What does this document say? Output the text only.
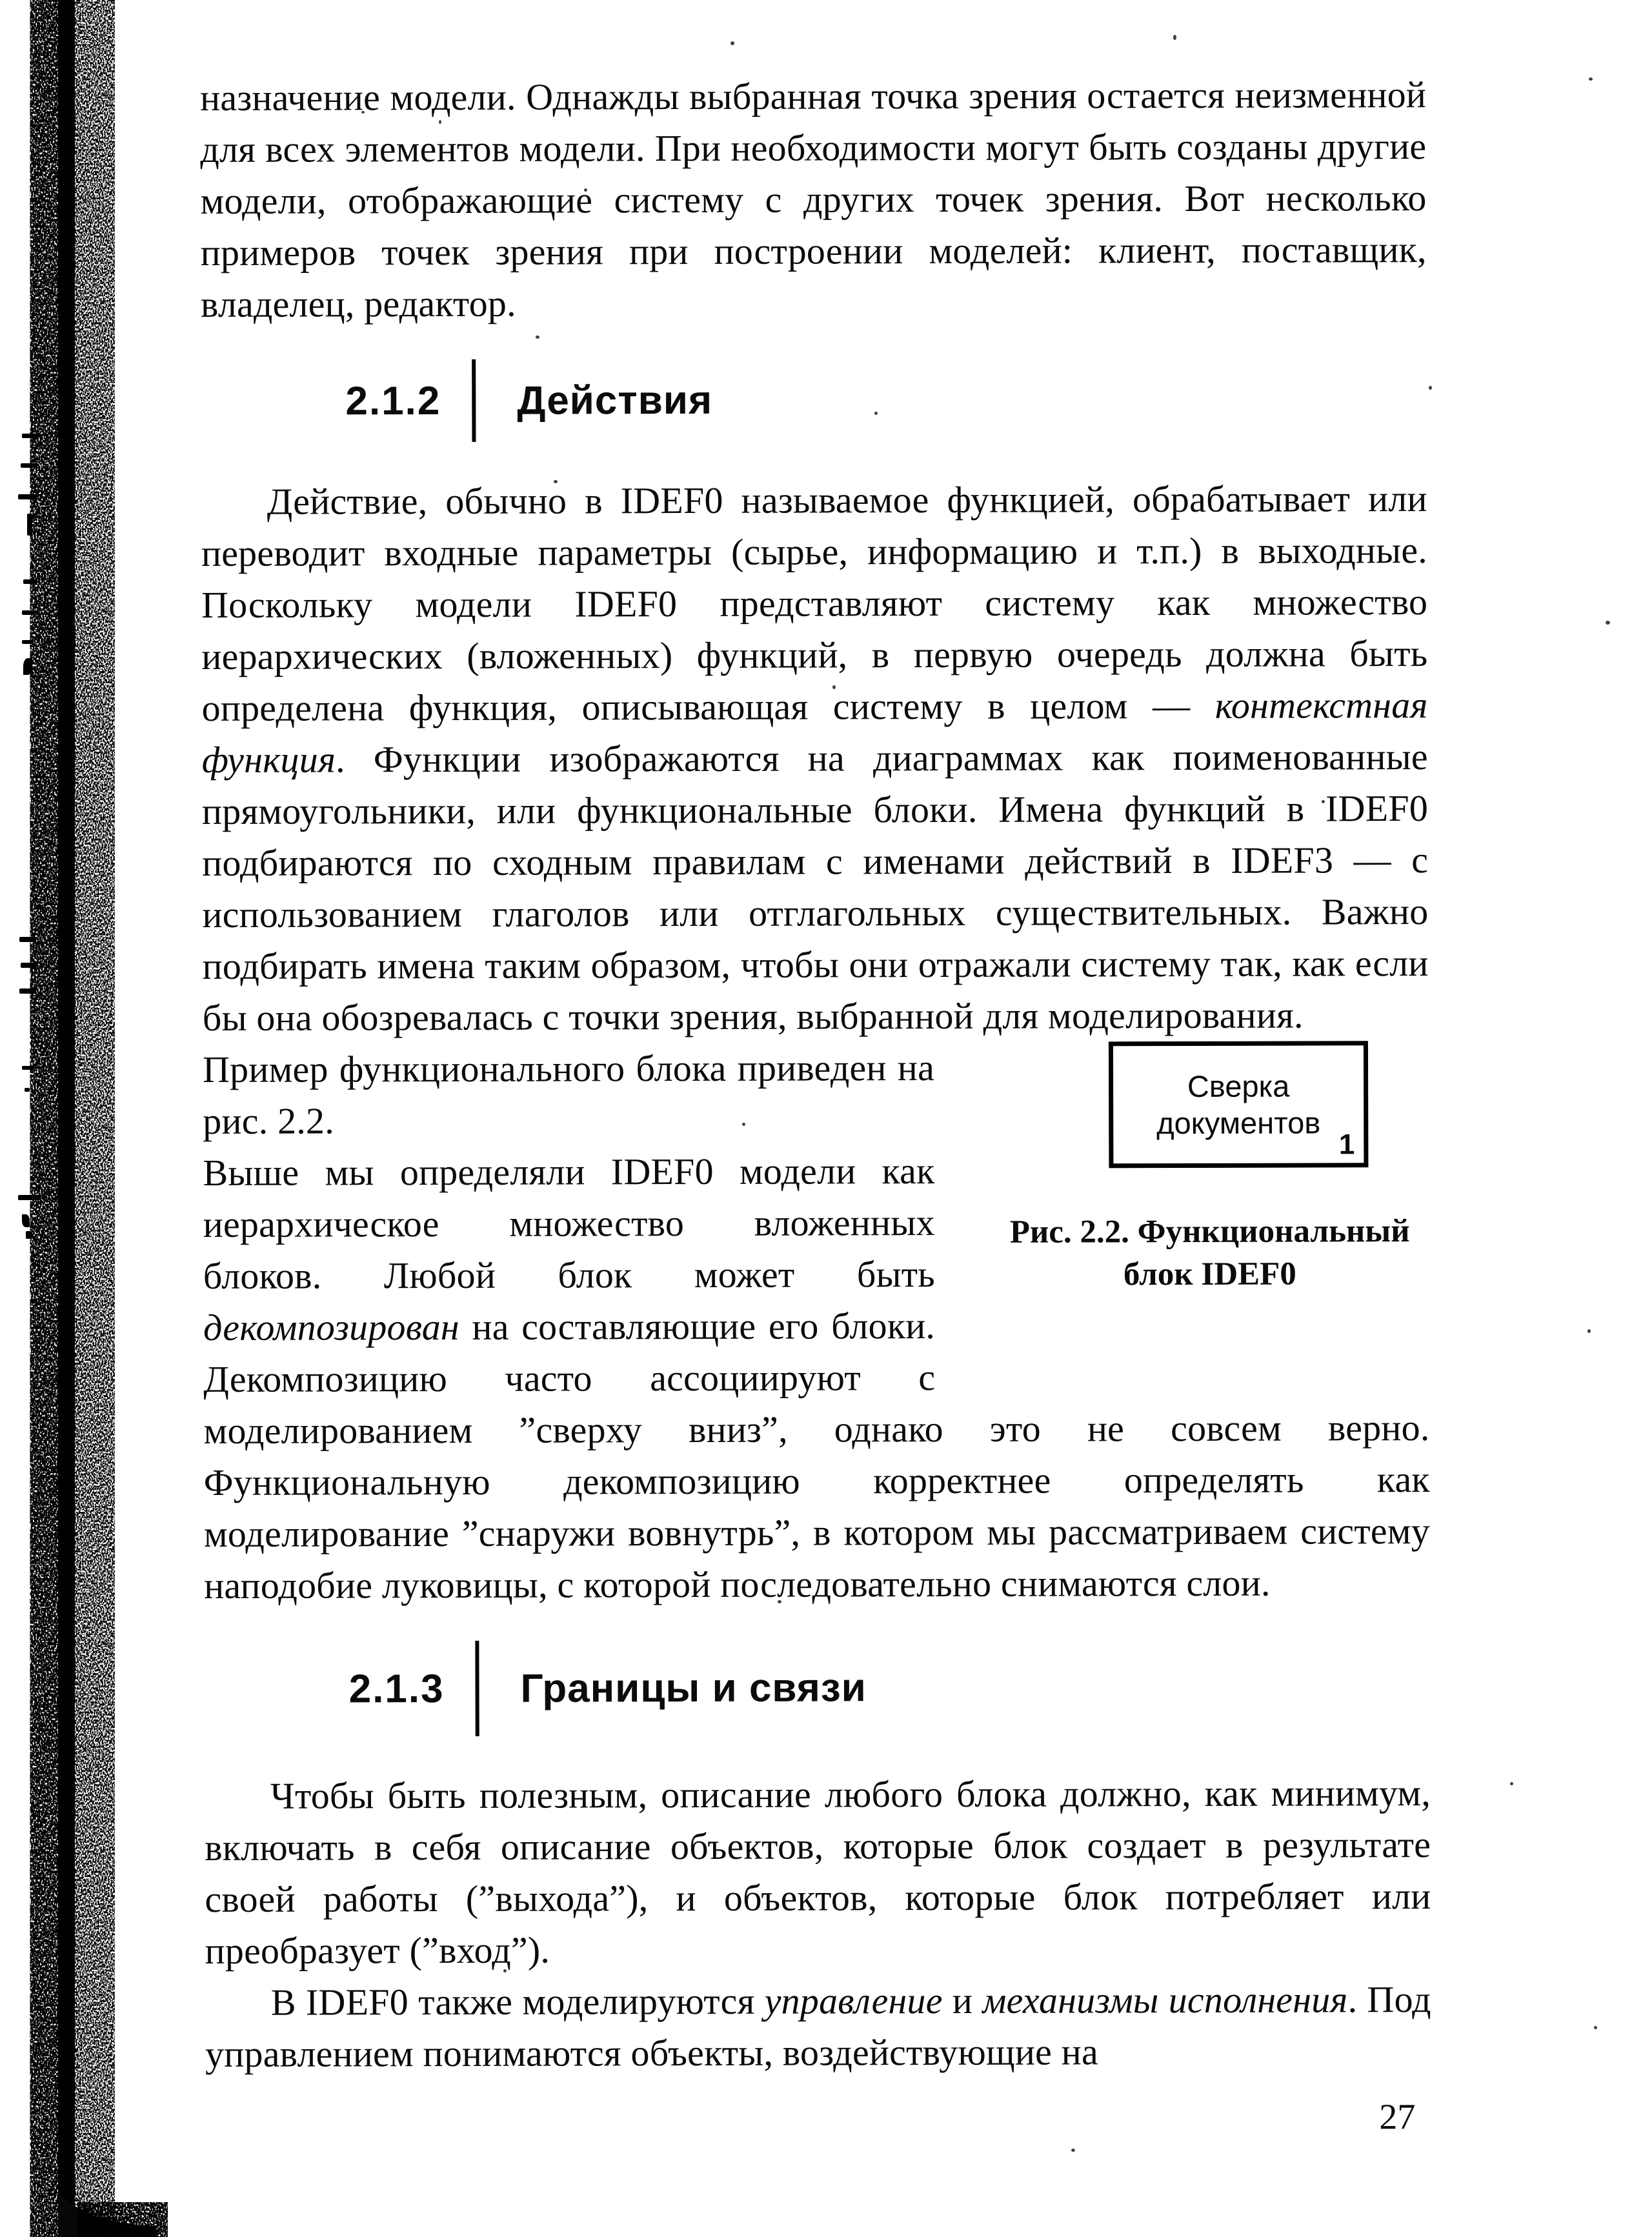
назначение модели. Однажды выбранная точка зрения остается неизменной для всех элементов модели. При необходимости могут быть созданы другие модели, отображающие систему с других точек зрения. Вот несколько примеров точек зрения при построении моделей: клиент, поставщик, владелец, редактор.

2.1.2 Действия

Действие, обычно в IDEF0 называемое функцией, обрабатывает или переводит входные параметры (сырье, информацию и т.п.) в выходные. Поскольку модели IDEF0 представляют систему как множество иерархических (вложенных) функций, в первую очередь должна быть определена функция, описывающая систему в целом — контекстная функция. Функции изображаются на диаграммах как поименованные прямоугольники, или функциональные блоки. Имена функций в IDEF0 подбираются по сходным правилам с именами действий в IDEF3 — с использованием глаголов или отглагольных существительных. Важно подбирать имена таким образом, чтобы они отражали систему так, как если бы она обозревалась с точки зрения, выбранной для моделирования.

Сверка документов
1
Рис. 2.2. Функциональный блок IDEF0

Пример функционального блока приведен на рис. 2.2.

Выше мы определяли IDEF0 модели как иерархическое множество вложенных блоков. Любой блок может быть декомпозирован на составляющие его блоки. Декомпозицию часто ассоциируют с моделированием ”сверху вниз”, однако это не совсем верно. Функциональную декомпозицию корректнее определять как моделирование ”снаружи вовнутрь”, в котором мы рассматриваем систему наподобие луковицы, с которой последовательно снимаются слои.

2.1.3 Границы и связи

Чтобы быть полезным, описание любого блока должно, как минимум, включать в себя описание объектов, которые блок создает в результате своей работы (”выхода”), и объектов, которые блок потребляет или преобразует (”вход”).

В IDEF0 также моделируются управление и механизмы исполнения. Под управлением понимаются объекты, воздействующие на

27
